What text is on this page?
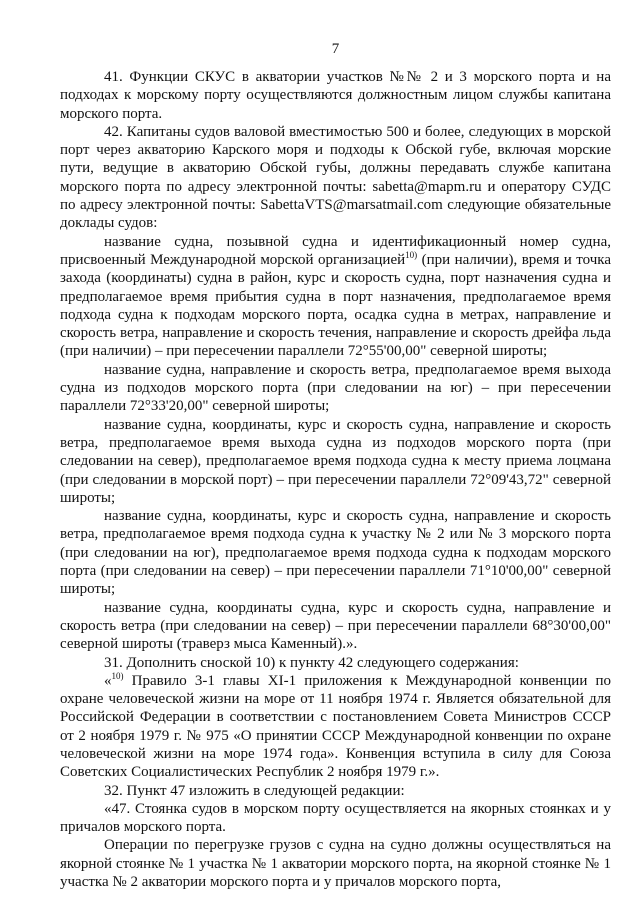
7

41. Функции СКУС в акватории участков №№ 2 и 3 морского порта и на подходах к морскому порту осуществляются должностным лицом службы капитана морского порта.

42. Капитаны судов валовой вместимостью 500 и более, следующих в морской порт через акваторию Карского моря и подходы к Обской губе, включая морские пути, ведущие в акваторию Обской губы, должны передавать службе капитана морского порта по адресу электронной почты: sabetta@mapm.ru и оператору СУДС по адресу электронной почты: SabettaVTS@marsatmail.com следующие обязательные доклады судов:

название судна, позывной судна и идентификационный номер судна, присвоенный Международной морской организацией$^{10)}$ (при наличии), время и точка захода (координаты) судна в район, курс и скорость судна, порт назначения судна и предполагаемое время прибытия судна в порт назначения, предполагаемое время подхода судна к подходам морского порта, осадка судна в метрах, направление и скорость ветра, направление и скорость течения, направление и скорость дрейфа льда (при наличии) – при пересечении параллели 72°55'00,00" северной широты;

название судна, направление и скорость ветра, предполагаемое время выхода судна из подходов морского порта (при следовании на юг) – при пересечении параллели 72°33'20,00" северной широты;

название судна, координаты, курс и скорость судна, направление и скорость ветра, предполагаемое время выхода судна из подходов морского порта (при следовании на север), предполагаемое время подхода судна к месту приема лоцмана (при следовании в морской порт) – при пересечении параллели 72°09'43,72" северной широты;

название судна, координаты, курс и скорость судна, направление и скорость ветра, предполагаемое время подхода судна к участку № 2 или № 3 морского порта (при следовании на юг), предполагаемое время подхода судна к подходам морского порта (при следовании на север) – при пересечении параллели 71°10'00,00" северной широты;

название судна, координаты судна, курс и скорость судна, направление и скорость ветра (при следовании на север) – при пересечении параллели 68°30'00,00" северной широты (траверз мыса Каменный).».

31. Дополнить сноской 10) к пункту 42 следующего содержания:

«$^{10)}$ Правило 3-1 главы XI-1 приложения к Международной конвенции по охране человеческой жизни на море от 11 ноября 1974 г. Является обязательной для Российской Федерации в соответствии с постановлением Совета Министров СССР от 2 ноября 1979 г. № 975 «О принятии СССР Международной конвенции по охране человеческой жизни на море 1974 года». Конвенция вступила в силу для Союза Советских Социалистических Республик 2 ноября 1979 г.».

32. Пункт 47 изложить в следующей редакции:

«47. Стоянка судов в морском порту осуществляется на якорных стоянках и у причалов морского порта.

Операции по перегрузке грузов с судна на судно должны осуществляться на якорной стоянке № 1 участка № 1 акватории морского порта, на якорной стоянке № 1 участка № 2 акватории морского порта и у причалов морского порта,
